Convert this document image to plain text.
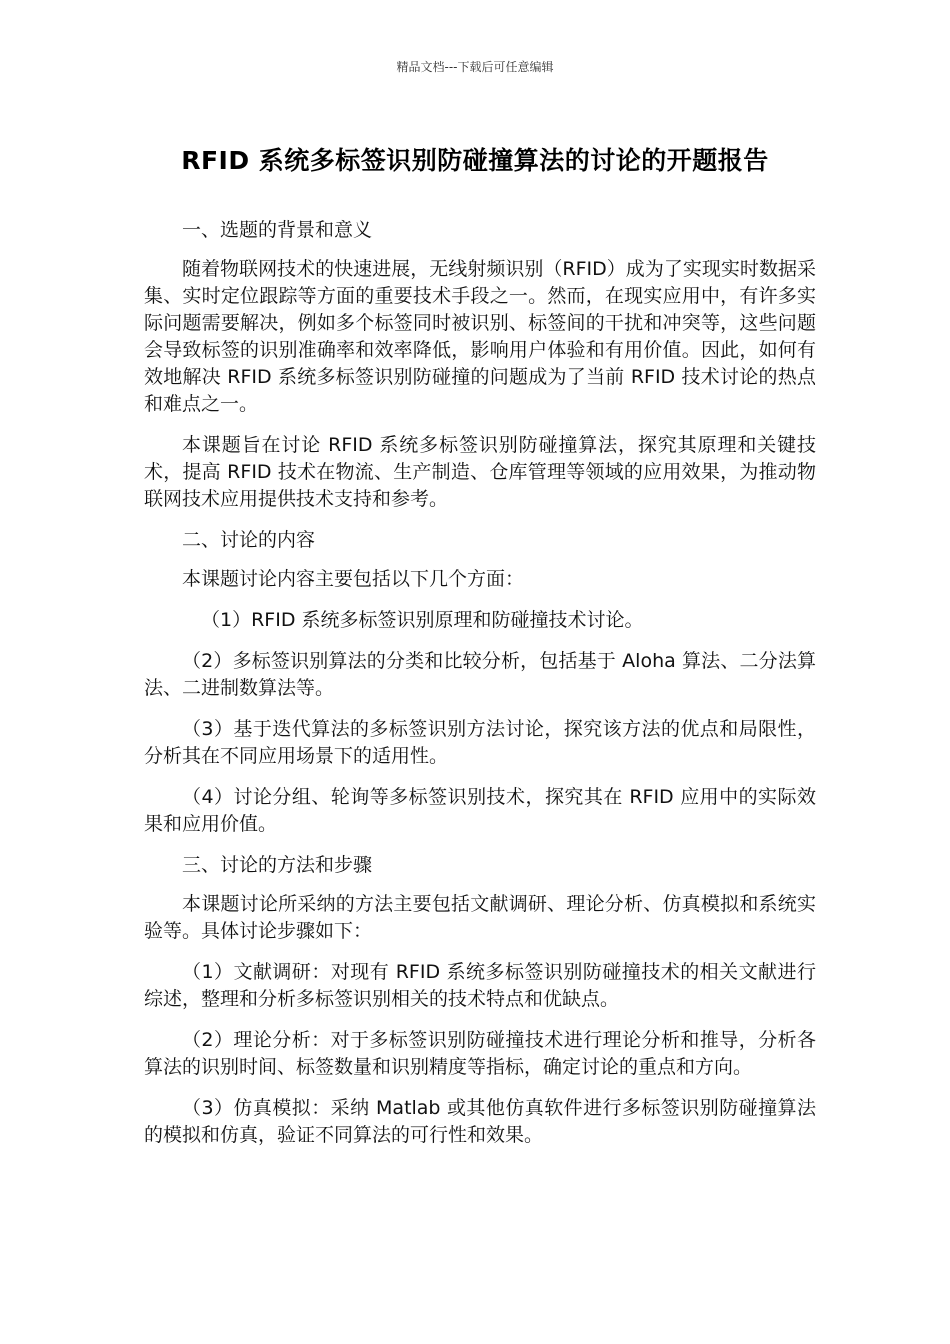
精品文档---下载后可任意编辑
RFID 系统多标签识别防碰撞算法的讨论的开题报告

一、选题的背景和意义

随着物联网技术的快速进展，无线射频识别（RFID）成为了实现实时数据采集、实时定位跟踪等方面的重要技术手段之一。然而，在现实应用中，有许多实际问题需要解决，例如多个标签同时被识别、标签间的干扰和冲突等，这些问题会导致标签的识别准确率和效率降低，影响用户体验和有用价值。因此，如何有效地解决 RFID 系统多标签识别防碰撞的问题成为了当前 RFID 技术讨论的热点和难点之一。

本课题旨在讨论 RFID 系统多标签识别防碰撞算法，探究其原理和关键技术，提高 RFID 技术在物流、生产制造、仓库管理等领域的应用效果，为推动物联网技术应用提供技术支持和参考。

二、讨论的内容

本课题讨论内容主要包括以下几个方面：

（1）RFID 系统多标签识别原理和防碰撞技术讨论。

（2）多标签识别算法的分类和比较分析，包括基于 Aloha 算法、二分法算法、二进制数算法等。

（3）基于迭代算法的多标签识别方法讨论，探究该方法的优点和局限性，分析其在不同应用场景下的适用性。

（4）讨论分组、轮询等多标签识别技术，探究其在 RFID 应用中的实际效果和应用价值。

三、讨论的方法和步骤

本课题讨论所采纳的方法主要包括文献调研、理论分析、仿真模拟和系统实验等。具体讨论步骤如下：

（1）文献调研：对现有 RFID 系统多标签识别防碰撞技术的相关文献进行综述，整理和分析多标签识别相关的技术特点和优缺点。

（2）理论分析：对于多标签识别防碰撞技术进行理论分析和推导，分析各算法的识别时间、标签数量和识别精度等指标，确定讨论的重点和方向。

（3）仿真模拟：采纳 Matlab 或其他仿真软件进行多标签识别防碰撞算法的模拟和仿真，验证不同算法的可行性和效果。
